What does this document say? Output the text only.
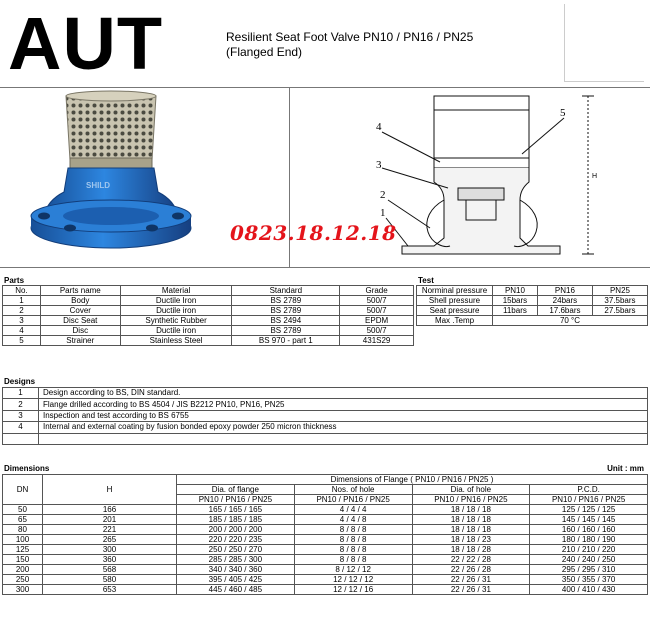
AUT	Resilient Seat Foot Valve PN10 / PN16 / PN25
(Flanged End)
SHILD
4
3
2
1
5
H
0823.18.12.18
Parts
No.	Parts name	Material	Standard	Grade
1	Body	Ductile Iron	BS 2789	500/7
2	Cover	Ductile iron	BS 2789	500/7
3	Disc Seat	Synthetic Rubber	BS 2494	EPDM
4	Disc	Ductile iron	BS 2789	500/7
5	Strainer	Stainless Steel	BS 970 - part 1	431S29
Test
Norminal pressure	PN10	PN16	PN25
Shell pressure	15bars	24bars	37.5bars
Seat pressure	11bars	17.6bars	27.5bars
Max .Temp	70 °C		
Designs
1	Design according to BS, DIN standard.
2	Flange drilled according to BS 4504 / JIS B2212 PN10, PN16, PN25
3	Inspection and test according to BS 6755
4	Internal and external coating by fusion bonded epoxy powder 250 micron thickness

Dimensions	Unit : mm
DN	H	Dimensions of Flange ( PN10 / PN16 / PN25 )			
		Dia. of flange	Nos. of hole	Dia. of hole	P.C.D.
		PN10 / PN16 / PN25	PN10 / PN16 / PN25	PN10 / PN16 / PN25	PN10 / PN16 / PN25
50	166	165 / 165 / 165	4 / 4 / 4	18 / 18 / 18	125 / 125 / 125
65	201	185 / 185 / 185	4 / 4 / 8	18 / 18 / 18	145 / 145 / 145
80	221	200 / 200 / 200	8 / 8 / 8	18 / 18 / 18	160 / 160 / 160
100	265	220 / 220 / 235	8 / 8 / 8	18 / 18 / 23	180 / 180 / 190
125	300	250 / 250 / 270	8 / 8 / 8	18 / 18 / 28	210 / 210 / 220
150	360	285 / 285 / 300	8 / 8 / 8	22 / 22 / 28	240 / 240 / 250
200	568	340 / 340 / 360	8 / 12 / 12	22 / 26 / 28	295 / 295 / 310
250	580	395 / 405 / 425	12 / 12 / 12	22 / 26 / 31	350 / 355 / 370
300	653	445 / 460 / 485	12 / 12 / 16	22 / 26 / 31	400 / 410 / 430
